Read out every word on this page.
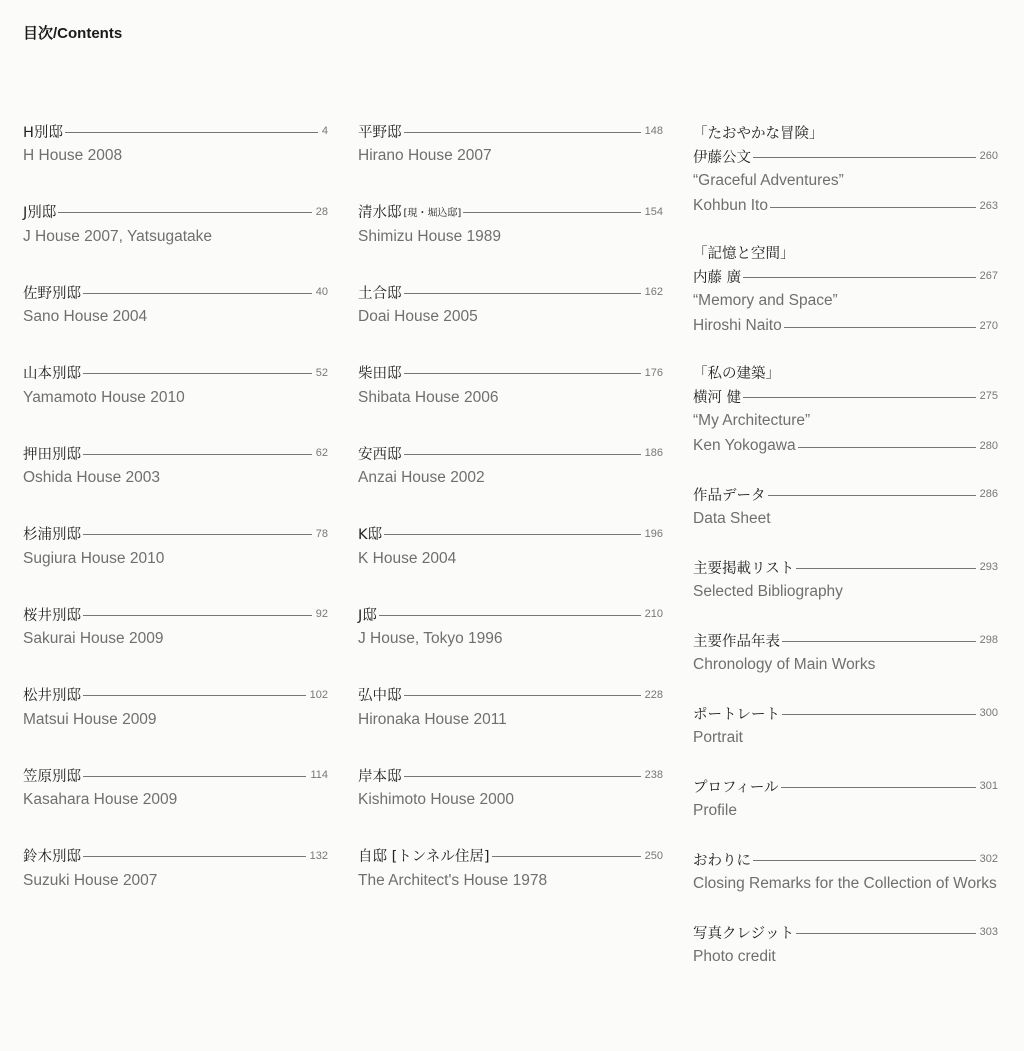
目次/Contents
H別邸	4
H House 2008
J別邸	28
J House 2007, Yatsugatake
佐野別邸	40
Sano House 2004
山本別邸	52
Yamamoto House 2010
押田別邸	62
Oshida House 2003
杉浦別邸	78
Sugiura House 2010
桜井別邸	92
Sakurai House 2009
松井別邸	102
Matsui House 2009
笠原別邸	114
Kasahara House 2009
鈴木別邸	132
Suzuki House 2007
平野邸	148
Hirano House 2007
清水邸 [現・堀込邸]	154
Shimizu House 1989
土合邸	162
Doai House 2005
柴田邸	176
Shibata House 2006
安西邸	186
Anzai House 2002
K邸	196
K House 2004
J邸	210
J House, Tokyo 1996
弘中邸	228
Hironaka House 2011
岸本邸	238
Kishimoto House 2000
自邸 [トンネル住居]	250
The Architect's House 1978
「たおやかな冒険」
伊藤公文	260
“Graceful Adventures”
Kohbun Ito	263
「記憶と空間」
内藤 廣	267
“Memory and Space”
Hiroshi Naito	270
「私の建築」
横河 健	275
“My Architecture”
Ken Yokogawa	280
作品データ	286
Data Sheet
主要掲載リスト	293
Selected Bibliography
主要作品年表	298
Chronology of Main Works
ポートレート	300
Portrait
プロフィール	301
Profile
おわりに	302
Closing Remarks for the Collection of Works
写真クレジット	303
Photo credit
